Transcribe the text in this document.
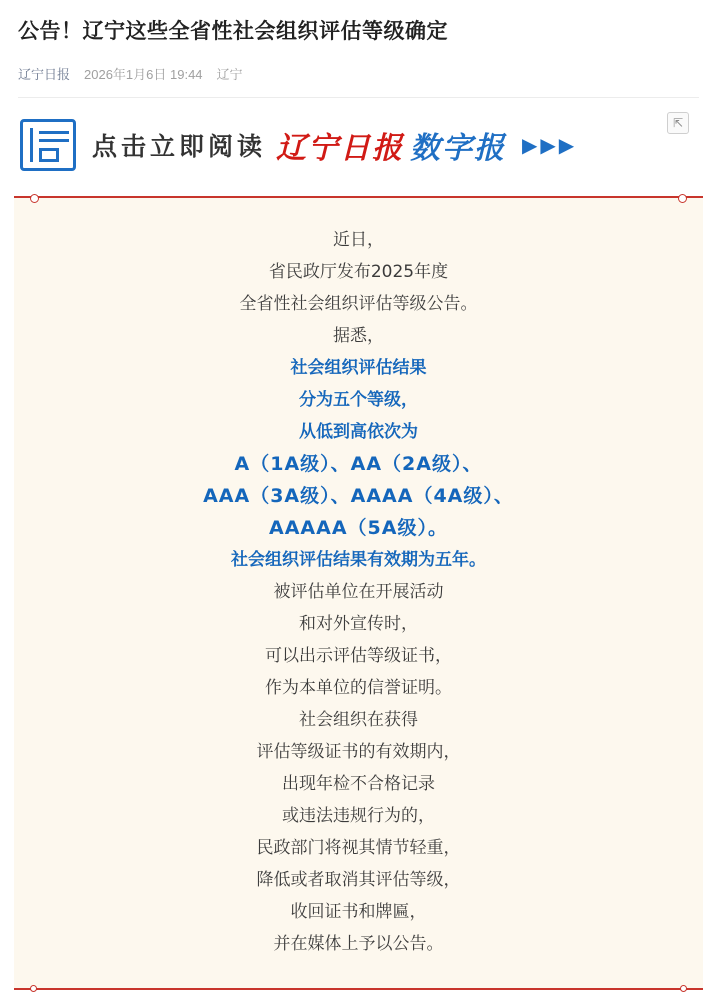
公告！辽宁这些全省性社会组织评估等级确定
辽宁日报 2026年1月6日 19:44 辽宁
点击立即阅读 辽宁日报 数字报 ▶▶▶
⇱
近日，
省民政厅发布2025年度
全省性社会组织评估等级公告。
据悉，
社会组织评估结果
分为五个等级，
从低到高依次为
A（1A级）、AA（2A级）、
AAA（3A级）、AAAA（4A级）、
AAAAA（5A级）。
社会组织评估结果有效期为五年。
被评估单位在开展活动
和对外宣传时，
可以出示评估等级证书，
作为本单位的信誉证明。
社会组织在获得
评估等级证书的有效期内，
出现年检不合格记录
或违法违规行为的，
民政部门将视其情节轻重，
降低或者取消其评估等级，
收回证书和牌匾，
并在媒体上予以公告。
